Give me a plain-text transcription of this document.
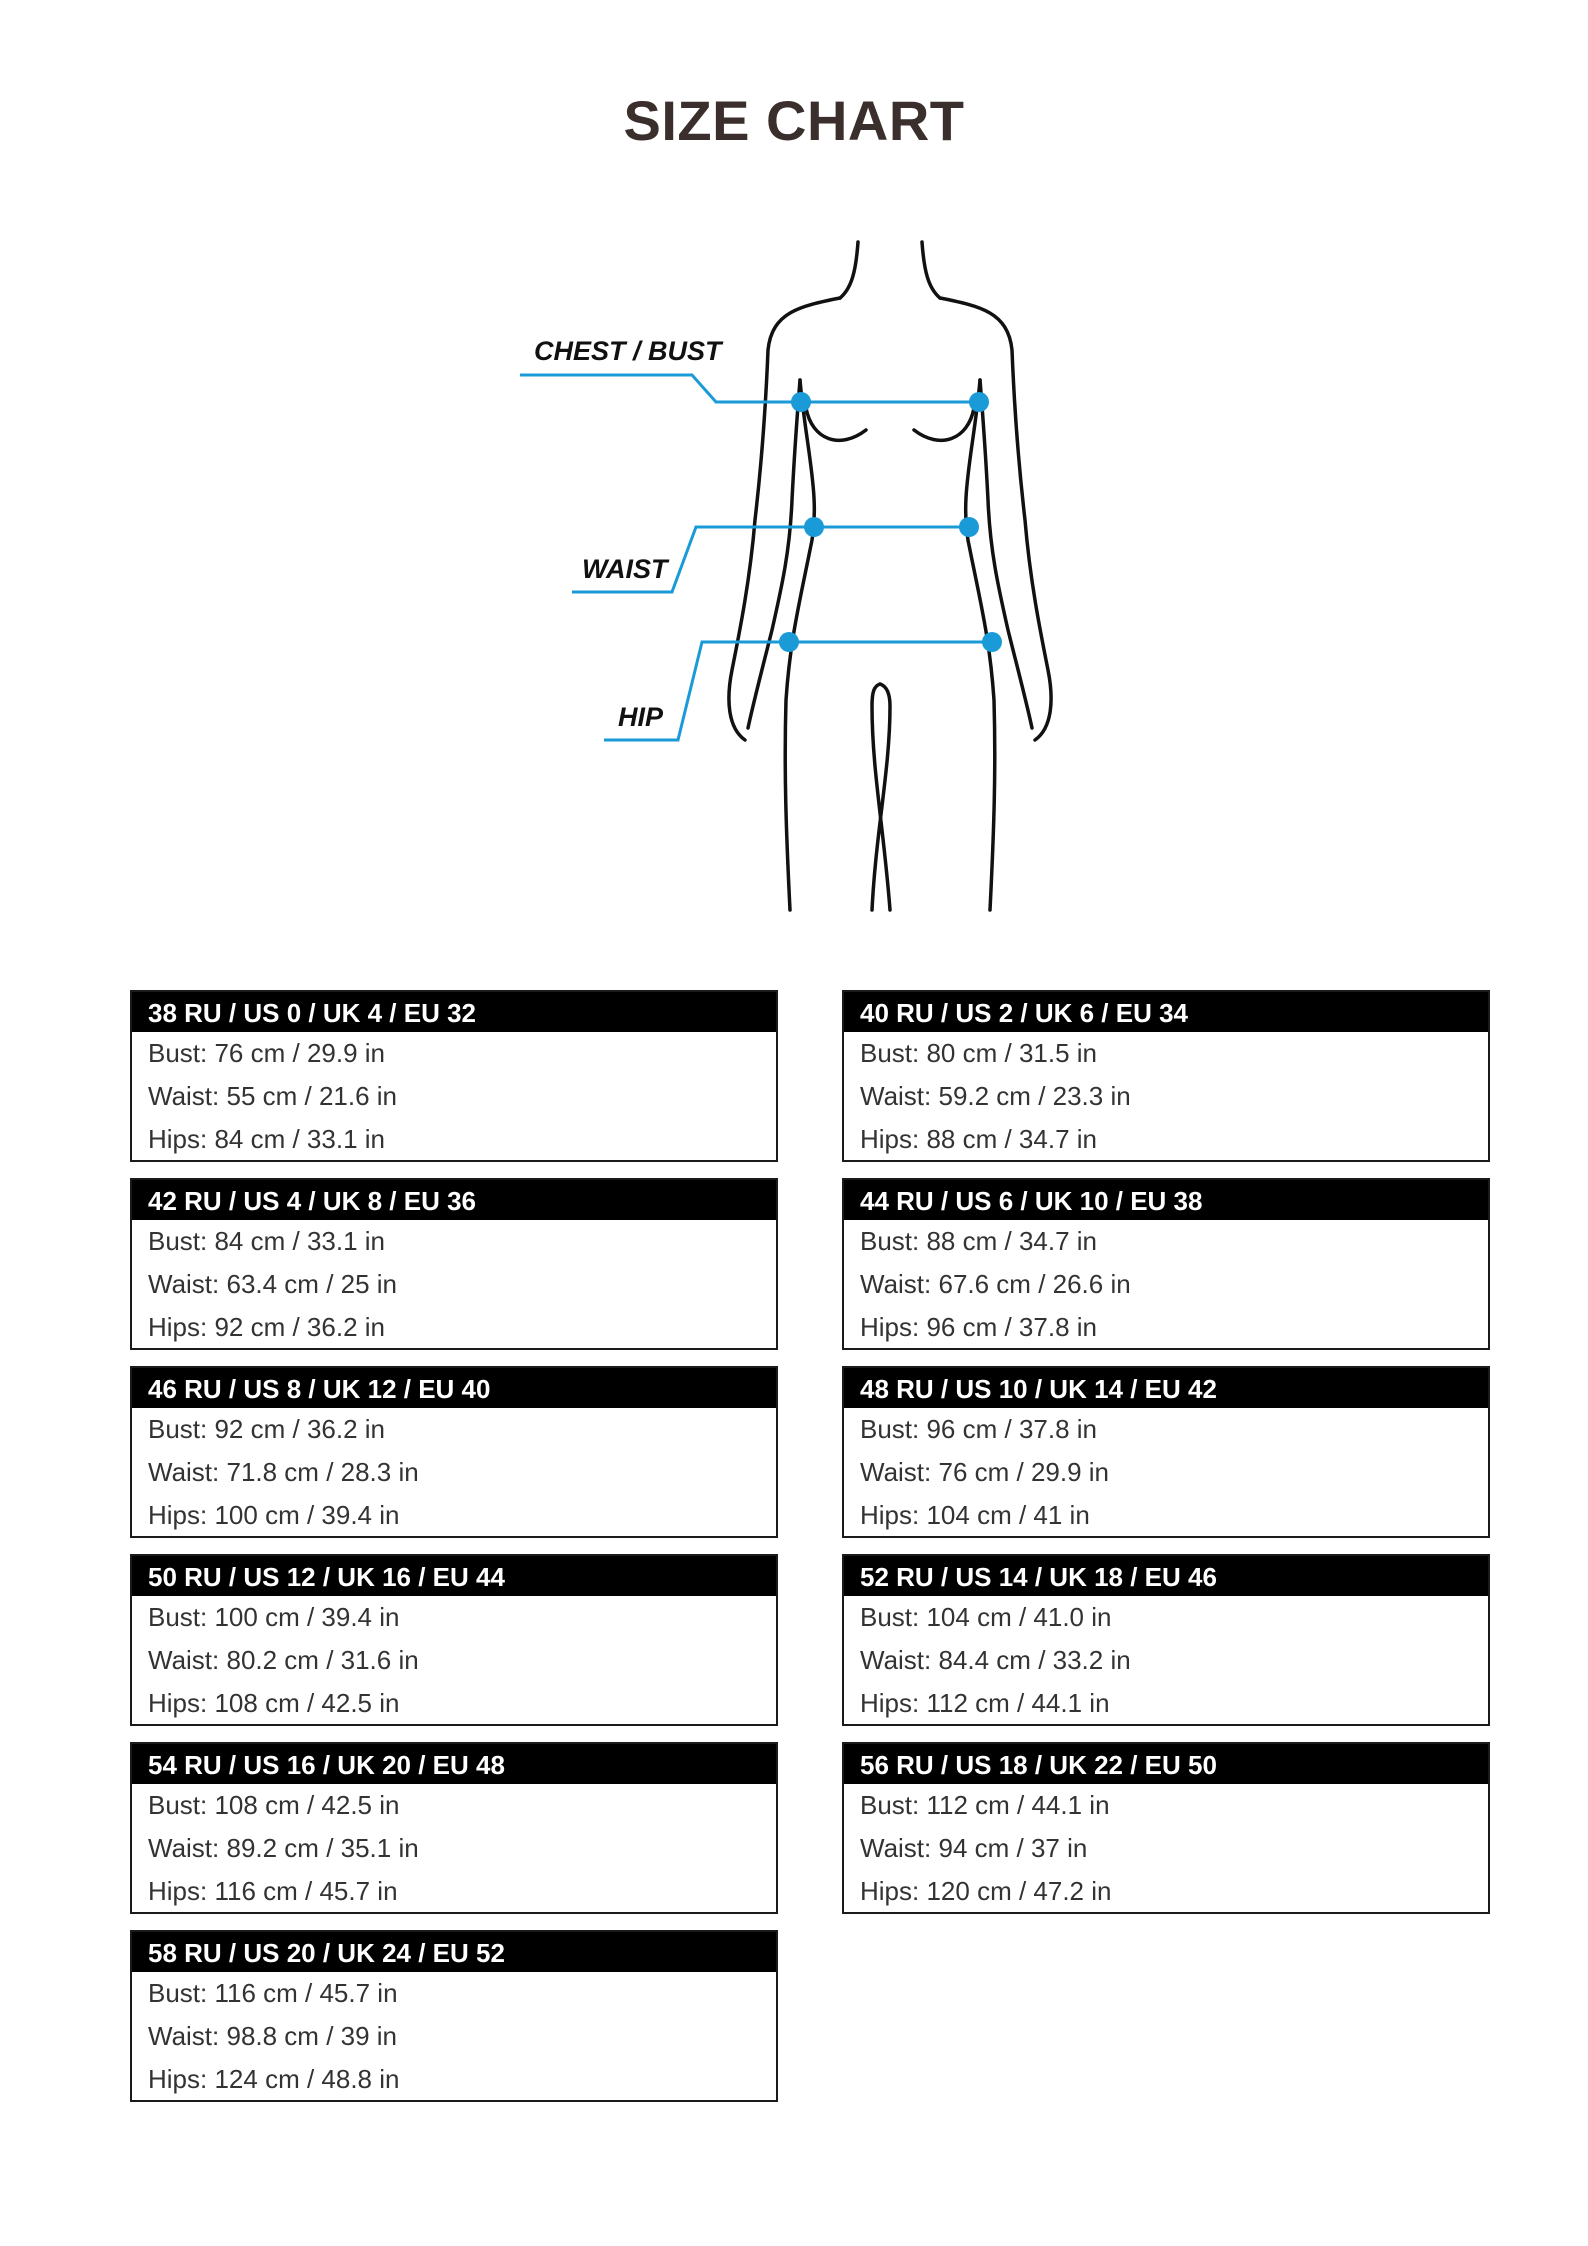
SIZE CHART
CHEST / BUST
WAIST
HIP
38 RU / US 0 / UK 4 / EU 32
Bust: 76 cm / 29.9 in
Waist: 55 cm / 21.6 in
Hips: 84 cm / 33.1 in
40 RU / US 2 / UK 6 / EU 34
Bust: 80 cm / 31.5 in
Waist: 59.2 cm / 23.3 in
Hips: 88 cm / 34.7 in
42 RU / US 4 / UK 8 / EU 36
Bust: 84 cm / 33.1 in
Waist: 63.4 cm / 25 in
Hips: 92 cm / 36.2 in
44 RU / US 6 / UK 10 / EU 38
Bust: 88 cm / 34.7 in
Waist: 67.6 cm / 26.6 in
Hips: 96 cm / 37.8 in
46 RU / US 8 / UK 12 / EU 40
Bust: 92 cm / 36.2 in
Waist: 71.8 cm / 28.3 in
Hips: 100 cm / 39.4 in
48 RU / US 10 / UK 14 / EU 42
Bust: 96 cm / 37.8 in
Waist: 76 cm / 29.9 in
Hips: 104 cm / 41 in
50 RU / US 12 / UK 16 / EU 44
Bust: 100 cm / 39.4 in
Waist: 80.2 cm / 31.6 in
Hips: 108 cm / 42.5 in
52 RU / US 14 / UK 18 / EU 46
Bust: 104 cm / 41.0 in
Waist: 84.4 cm / 33.2 in
Hips: 112 cm / 44.1 in
54 RU / US 16 / UK 20 / EU 48
Bust: 108 cm / 42.5 in
Waist: 89.2 cm / 35.1 in
Hips: 116 cm / 45.7 in
56 RU / US 18 / UK 22 / EU 50
Bust: 112 cm / 44.1 in
Waist: 94 cm / 37 in
Hips: 120 cm / 47.2 in
58 RU / US 20 / UK 24 / EU 52
Bust: 116 cm / 45.7 in
Waist: 98.8 cm / 39 in
Hips: 124 cm / 48.8 in
